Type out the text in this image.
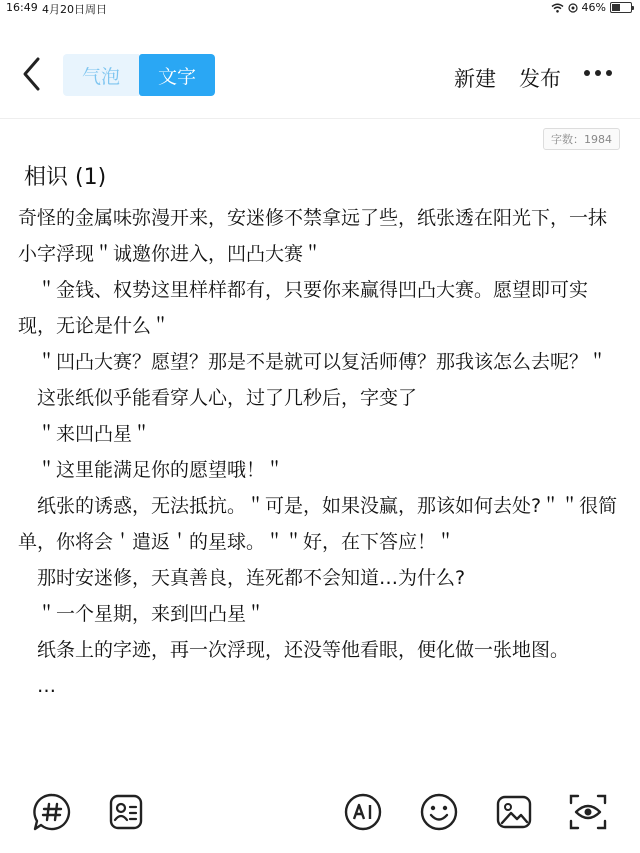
16:49 4月20日周日	46%
气泡	文字	新建 发布
字数：1984
相识 (1)

奇怪的金属味弥漫开来，安迷修不禁拿远了些，纸张透在阳光下，一抹小字浮现＂诚邀你进入，凹凸大赛＂

　＂金钱、权势这里样样都有，只要你来赢得凹凸大赛。愿望即可实现，无论是什么＂

　＂凹凸大赛？愿望？那是不是就可以复活师傅？那我该怎么去呢？＂

　这张纸似乎能看穿人心，过了几秒后，字变了

　＂来凹凸星＂

　＂这里能满足你的愿望哦！＂

　纸张的诱惑，无法抵抗。＂可是，如果没赢，那该如何去处?＂＂很简单，你将会＇遣返＇的星球。＂＂好，在下答应！＂

　那时安迷修，天真善良，连死都不会知道…为什么?

　＂一个星期，来到凹凸星＂

　纸条上的字迹，再一次浮现，还没等他看眼，便化做一张地图。

　…
